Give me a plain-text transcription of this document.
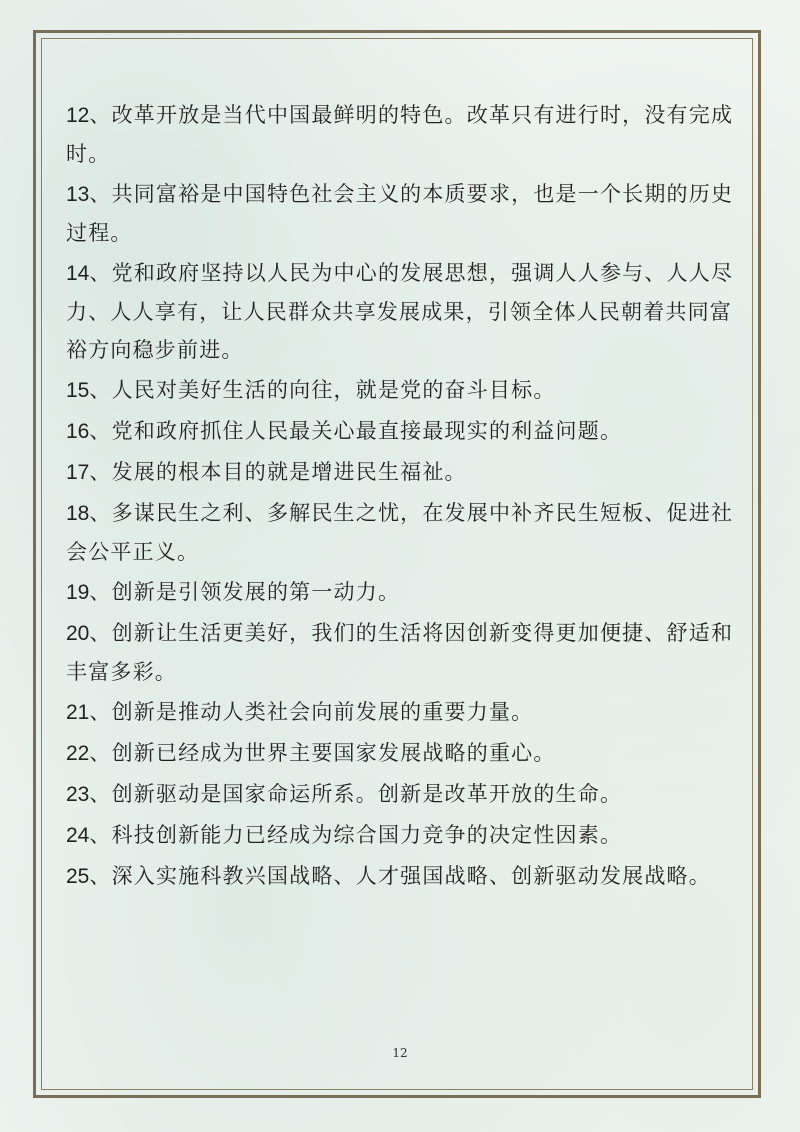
12、改革开放是当代中国最鲜明的特色。改革只有进行时，没有完成时。
13、共同富裕是中国特色社会主义的本质要求，也是一个长期的历史过程。
14、党和政府坚持以人民为中心的发展思想，强调人人参与、人人尽力、人人享有，让人民群众共享发展成果，引领全体人民朝着共同富裕方向稳步前进。
15、人民对美好生活的向往，就是党的奋斗目标。
16、党和政府抓住人民最关心最直接最现实的利益问题。
17、发展的根本目的就是增进民生福祉。
18、多谋民生之利、多解民生之忧，在发展中补齐民生短板、促进社会公平正义。
19、创新是引领发展的第一动力。
20、创新让生活更美好，我们的生活将因创新变得更加便捷、舒适和丰富多彩。
21、创新是推动人类社会向前发展的重要力量。
22、创新已经成为世界主要国家发展战略的重心。
23、创新驱动是国家命运所系。创新是改革开放的生命。
24、科技创新能力已经成为综合国力竞争的决定性因素。
25、深入实施科教兴国战略、人才强国战略、创新驱动发展战略。
12
